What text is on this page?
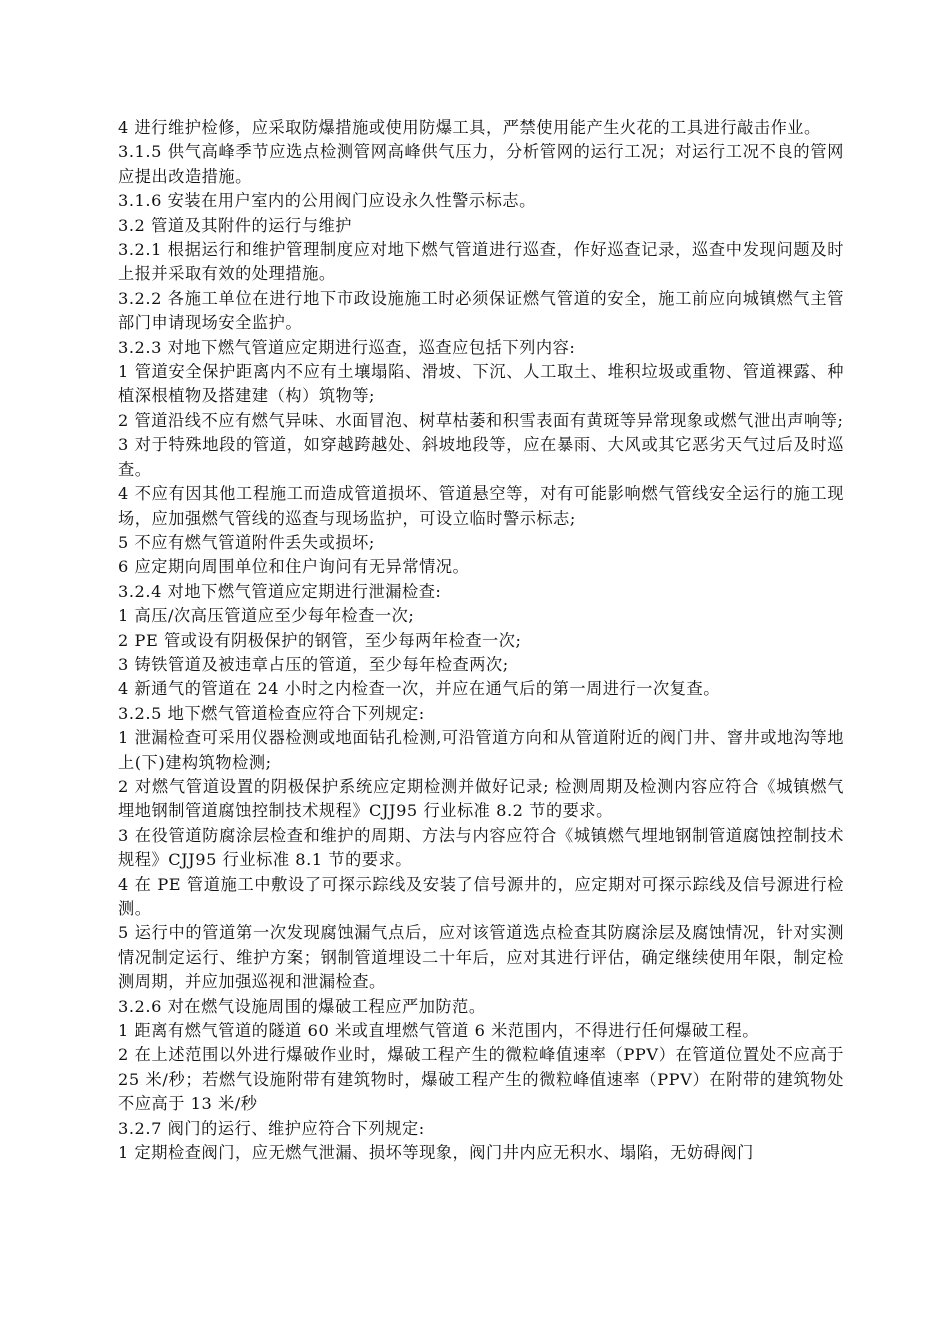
4 进行维护检修，应采取防爆措施或使用防爆工具，严禁使用能产生火花的工具进行敲击作业。

3.1.5 供气高峰季节应选点检测管网高峰供气压力，分析管网的运行工况；对运行工况不良的管网应提出改造措施。

3.1.6 安装在用户室内的公用阀门应设永久性警示标志。

3.2 管道及其附件的运行与维护

3.2.1 根据运行和维护管理制度应对地下燃气管道进行巡查，作好巡查记录，巡查中发现问题及时上报并采取有效的处理措施。

3.2.2 各施工单位在进行地下市政设施施工时必须保证燃气管道的安全，施工前应向城镇燃气主管部门申请现场安全监护。

3.2.3 对地下燃气管道应定期进行巡查，巡查应包括下列内容:

1 管道安全保护距离内不应有土壤塌陷、滑坡、下沉、人工取土、堆积垃圾或重物、管道裸露、种植深根植物及搭建建（构）筑物等;

2 管道沿线不应有燃气异味、水面冒泡、树草枯萎和积雪表面有黄斑等异常现象或燃气泄出声响等;

3 对于特殊地段的管道，如穿越跨越处、斜坡地段等，应在暴雨、大风或其它恶劣天气过后及时巡查。

4 不应有因其他工程施工而造成管道损坏、管道悬空等，对有可能影响燃气管线安全运行的施工现场，应加强燃气管线的巡查与现场监护，可设立临时警示标志;

5 不应有燃气管道附件丢失或损坏;

6 应定期向周围单位和住户询问有无异常情况。

3.2.4 对地下燃气管道应定期进行泄漏检查:

1 高压/次高压管道应至少每年检查一次;

2 PE 管或设有阴极保护的钢管，至少每两年检查一次;

3 铸铁管道及被违章占压的管道，至少每年检查两次;

4 新通气的管道在 24 小时之内检查一次，并应在通气后的第一周进行一次复查。

3.2.5 地下燃气管道检查应符合下列规定:

1 泄漏检查可采用仪器检测或地面钻孔检测,可沿管道方向和从管道附近的阀门井、窨井或地沟等地上(下)建构筑物检测;

2 对燃气管道设置的阴极保护系统应定期检测并做好记录; 检测周期及检测内容应符合《城镇燃气埋地钢制管道腐蚀控制技术规程》CJJ95 行业标准 8.2 节的要求。

3 在役管道防腐涂层检查和维护的周期、方法与内容应符合《城镇燃气埋地钢制管道腐蚀控制技术规程》CJJ95 行业标准 8.1 节的要求。

4 在 PE 管道施工中敷设了可探示踪线及安装了信号源井的，应定期对可探示踪线及信号源进行检测。

5 运行中的管道第一次发现腐蚀漏气点后，应对该管道选点检查其防腐涂层及腐蚀情况，针对实测情况制定运行、维护方案；钢制管道埋设二十年后，应对其进行评估，确定继续使用年限，制定检测周期，并应加强巡视和泄漏检查。

3.2.6 对在燃气设施周围的爆破工程应严加防范。

1 距离有燃气管道的隧道 60 米或直埋燃气管道 6 米范围内，不得进行任何爆破工程。

2 在上述范围以外进行爆破作业时，爆破工程产生的微粒峰值速率（PPV）在管道位置处不应高于 25 米/秒；若燃气设施附带有建筑物时，爆破工程产生的微粒峰值速率（PPV）在附带的建筑物处不应高于 13 米/秒

3.2.7 阀门的运行、维护应符合下列规定:

1 定期检查阀门，应无燃气泄漏、损坏等现象，阀门井内应无积水、塌陷，无妨碍阀门
